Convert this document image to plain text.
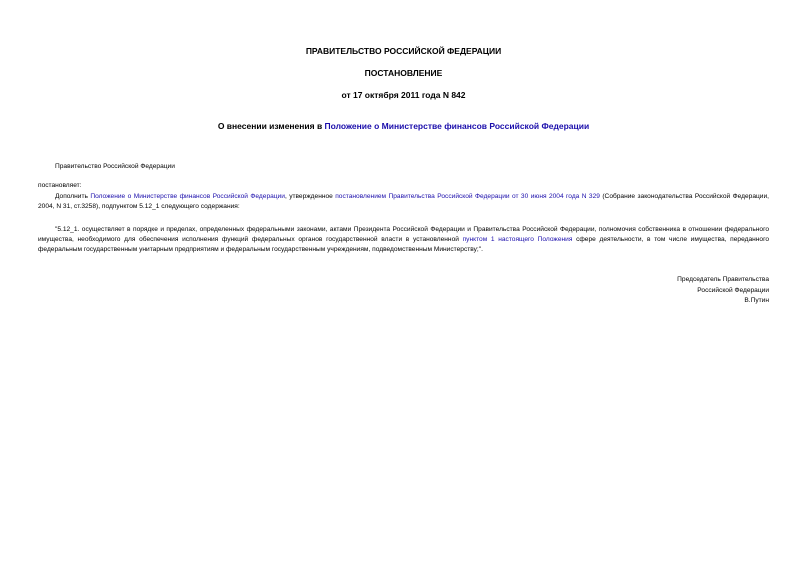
ПРАВИТЕЛЬСТВО РОССИЙСКОЙ ФЕДЕРАЦИИ
ПОСТАНОВЛЕНИЕ
от 17 октября 2011 года N 842
О внесении изменения в Положение о Министерстве финансов Российской Федерации
Правительство Российской Федерации
постановляет:
Дополнить Положение о Министерстве финансов Российской Федерации, утвержденное постановлением Правительства Российской Федерации от 30 июня 2004 года N 329 (Собрание законодательства Российской Федерации, 2004, N 31, ст.3258), подпунктом 5.12_1 следующего содержания:
"5.12_1. осуществляет в порядке и пределах, определенных федеральными законами, актами Президента Российской Федерации и Правительства Российской Федерации, полномочия собственника в отношении федерального имущества, необходимого для обеспечения исполнения функций федеральных органов государственной власти в установленной пунктом 1 настоящего Положения сфере деятельности, в том числе имущества, переданного федеральным государственным унитарным предприятиям и федеральным государственным учреждениям, подведомственным Министерству;".
Председатель Правительства
Российской Федерации
В.Путин
